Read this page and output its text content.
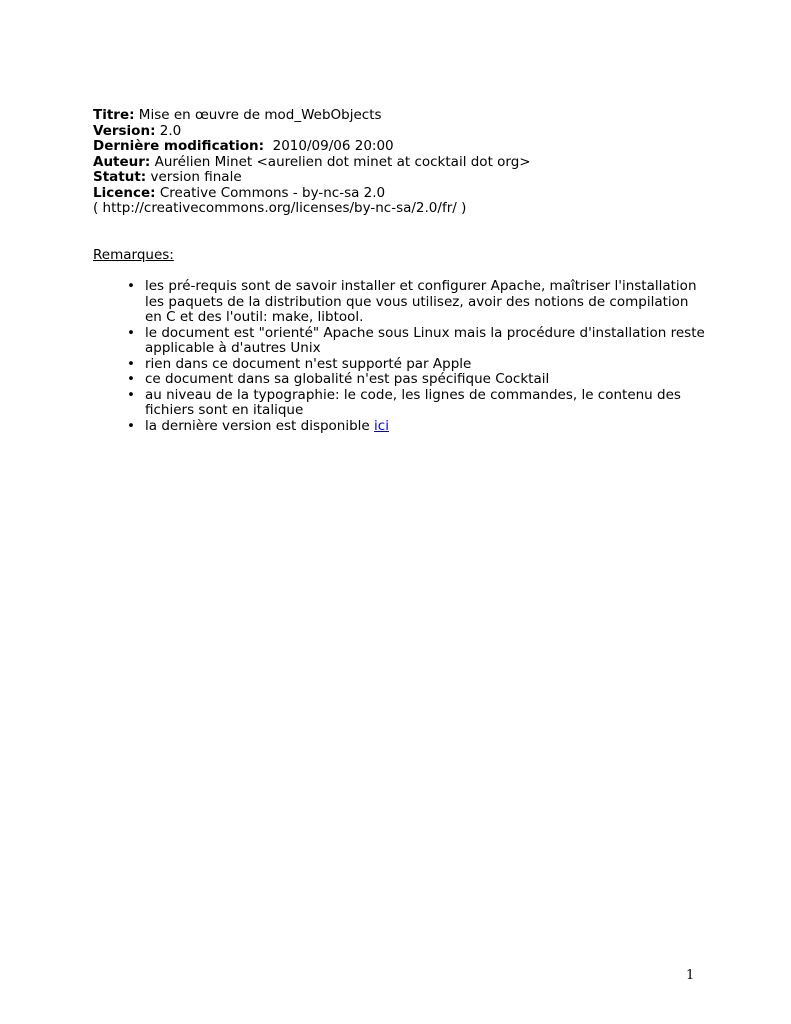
Titre: Mise en œuvre de mod_WebObjects
Version: 2.0
Dernière modification:  2010/09/06 20:00
Auteur: Aurélien Minet <aurelien dot minet at cocktail dot org>
Statut: version finale
Licence: Creative Commons - by-nc-sa 2.0
( http://creativecommons.org/licenses/by-nc-sa/2.0/fr/ )
Remarques:
• les pré-requis sont de savoir installer et configurer Apache, maîtriser l'installation les paquets de la distribution que vous utilisez, avoir des notions de compilation en C et des l'outil: make, libtool.
• le document est "orienté" Apache sous Linux mais la procédure d'installation reste applicable à d'autres Unix
• rien dans ce document n'est supporté par Apple
• ce document dans sa globalité n'est pas spécifique Cocktail
• au niveau de la typographie: le code, les lignes de commandes, le contenu des fichiers sont en italique
• la dernière version est disponible ici
1
